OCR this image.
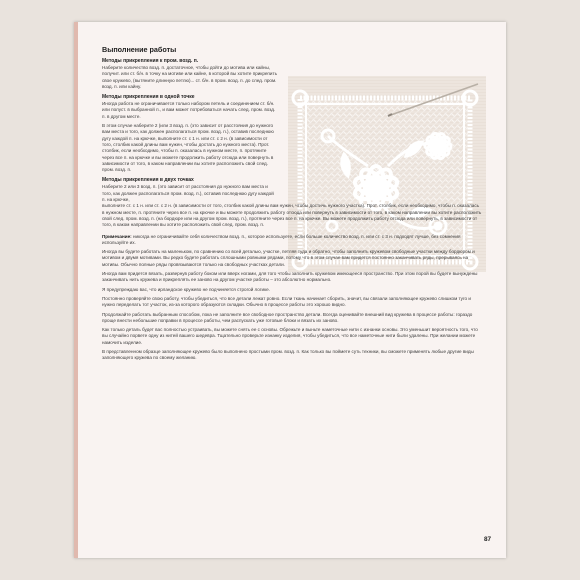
Выполнение работы
Методы прикрепления к пром. возд. п.

Наберите количество возд. п. достаточное, чтобы дойти до мотива или кайны, получит. или ст. б/н. в точку на мотиве или кайне, в которой вы хотите прикрепить свое кружево, (вытяните длинную петлю)... ст. б/н. в пром. возд. п. до след. пром. возд. п. или кайну.

Методы прикрепления в одной точке

Иногда работа не ограничивается только набором петель и соединением ст. б/н. или полуст. в выбранной п., и вам может потребоваться начать след. пром. возд. п. в другом месте.

В этом случае наберите 2 (или 3 возд. п. (это зависит от расстояния до нужного вам места и того, как должен располагаться пром. возд. п.), оставив последнюю дугу каждой п. на крючке, выполните ст. с 1 н. или ст. с 2 н. (в зависимости от того, столбик какой длины вам нужен, чтобы достать до нужного места). Прот. столбик, если необходимо, чтобы п. оказалась в нужном месте, п. протяните через все п. на крючке и вы можете продолжить работу отсюда или повернуть в зависимости от того, в каком направлении вы хотите расположить свой след. пром. возд. п.

Методы прикрепления в двух точках

Наберите 2 или 3 возд. п. (это зависит от расстояния до нужного вам места и того, как должен располагаться пром. возд. п.), оставив последнюю дугу каждой п. на крючке,

выполните ст. с 1 н. или ст. с 2 н. (в зависимости от того, столбик какой длины вам нужен, чтобы достичь нужного участка). Прот. столбик, если необходимо, чтобы п. оказалась в нужном месте, п. протяните через все п. на крючке и вы можете продолжить работу отсюда или повернуть в зависимости от того, в каком направлении вы хотите расположить свой след. пром. возд. п. (на бордюре или на другом пром. возд. п.), протяните через все п. на крючке. Вы можете продолжить работу отсюда или повернуть, в зависимости от того, в каком направлении вы хотите расположить свой след. пром. возд. п.

Примечание: никогда не ограничивайте себя количеством возд. п., которое используете, если больше количество возд. п. или ст. с 3 н. подходят лучше, без сомнения используйте их.

Иногда вы будете работать на маленьком, по сравнению со всей деталью, участке, петляя туда и обратно, чтобы заполнить кружевом свободные участки между бордюром и мотивом и двумя мотивами. Вы редко будете работать сплошными ровными рядами, потому что в этом случае вам придется постоянно заканчивать ряды, прерываясь на мотивы. Обычно полные ряды провязываются только на свободных участках детали.

Иногда вам придется вязать, развернув работу боком или вверх ногами, для того чтобы заполнить кружевом имеющееся пространство. При этом порой вы будете вынуждены заканчивать нить кружева и прикреплять ее заново на другом участке работы – это абсолютно нормально.

Я предупреждаю вас, что ирландское кружево не подчиняется строгой логике.

Постоянно проверяйте свою работу, чтобы убедиться, что все детали лежат ровно. Если ткань начинает сборить, значит, вы связали заполняющее кружево слишком туго и нужно переделать тот участок, из-за которого образуются складки. Обычно в процессе работы это хорошо видно.

Продолжайте работать выбранным способом, пока не заполните все свободное пространство детали. Всегда оценивайте внешний вид кружева в процессе работы: гораздо проще внести небольшие поправки в процессе работы, чем распускать уже готовые блоки и вязать их заново.

Как только деталь будет вас полностью устраивать, вы можете снять ее с основы. Обрежьте и выньте наметочные нити с изнанки основы. Это уменьшит вероятность того, что вы случайно порвете одну из нитей вашего шедевра. Тщательно проверьте изнанку изделия, чтобы убедиться, что все наметочные нити были удалены. При желании можете намочить изделие.

В представленном образце заполняющее кружево было выполнено простыми пром. возд. п. Как только вы поймете суть техники, вы сможете применять любые другие виды заполняющего кружева по своему желанию.

87
